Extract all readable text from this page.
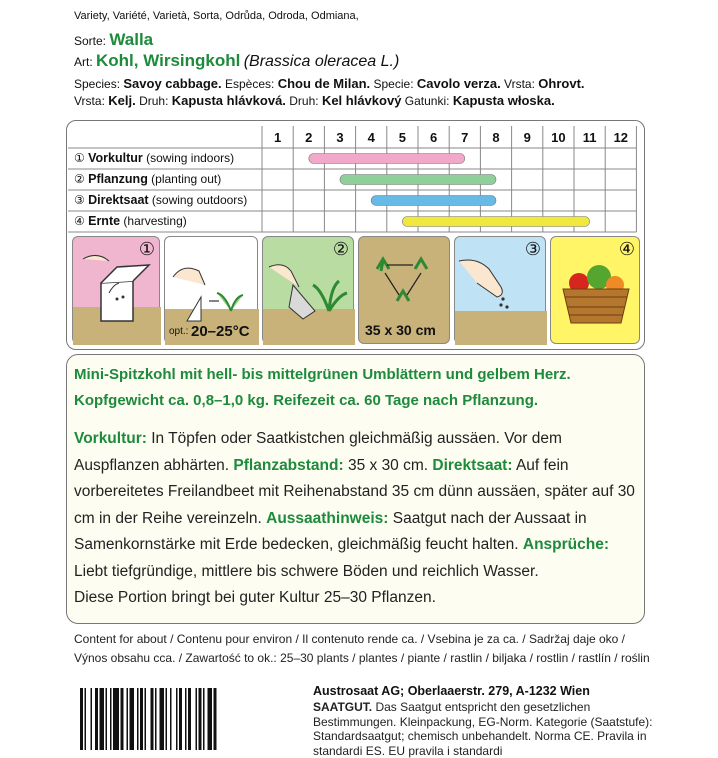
Variety, Variété, Varietà, Sorta, Odrůda, Odroda, Odmiana,
Sorte: Walla
Art: Kohl, Wirsingkohl (Brassica oleracea L.)
Species: Savoy cabbage. Espèces: Chou de Milan. Specie: Cavolo verza. Vrsta: Ohrovt.
Vrsta: Kelj. Druh: Kapusta hlávková. Druh: Kel hlávkový Gatunki: Kapusta włoska.
1 2 3 4 5 6 7 8 9 10 11 12
① Vorkultur (sowing indoors)
② Pflanzung (planting out)
③ Direktsaat (sowing outdoors)
④ Ernte (harvesting)
①
opt.: 20–25°C
②
35 x 30 cm
③	④
Mini-Spitzkohl mit hell- bis mittelgrünen Umblättern und gelbem Herz.
Kopfgewicht ca. 0,8–1,0 kg. Reifezeit ca. 60 Tage nach Pflanzung.
Vorkultur: In Töpfen oder Saatkistchen gleichmäßig aussäen. Vor dem Auspflanzen abhärten. Pflanzabstand: 35 x 30 cm. Direktsaat: Auf fein vorbereitetes Freilandbeet mit Reihenabstand 35 cm dünn aussäen, später auf 30 cm in der Reihe vereinzeln. Aussaathinweis: Saatgut nach der Aussaat in Samenkornstärke mit Erde bedecken, gleichmäßig feucht halten. Ansprüche: Liebt tiefgründige, mittlere bis schwere Böden und reichlich Wasser.
Diese Portion bringt bei guter Kultur 25–30 Pflanzen.
Content for about / Contenu pour environ / Il contenuto rende ca. / Vsebina je za ca. / Sadržaj daje oko /
Výnos obsahu cca. / Zawartość to ok.: 25–30 plants / plantes / piante / rastlin / biljaka / rostlin / rastlín / roślin
Austrosaat AG; Oberlaaerstr. 279, A-1232 Wien
SAATGUT. Das Saatgut entspricht den gesetzlichen Bestimmungen. Kleinpackung, EG-Norm. Kategorie (Saatstufe): Standardsaatgut; chemisch unbehandelt. Norma CE. Pravila in standardi ES. EU pravila i standardi
